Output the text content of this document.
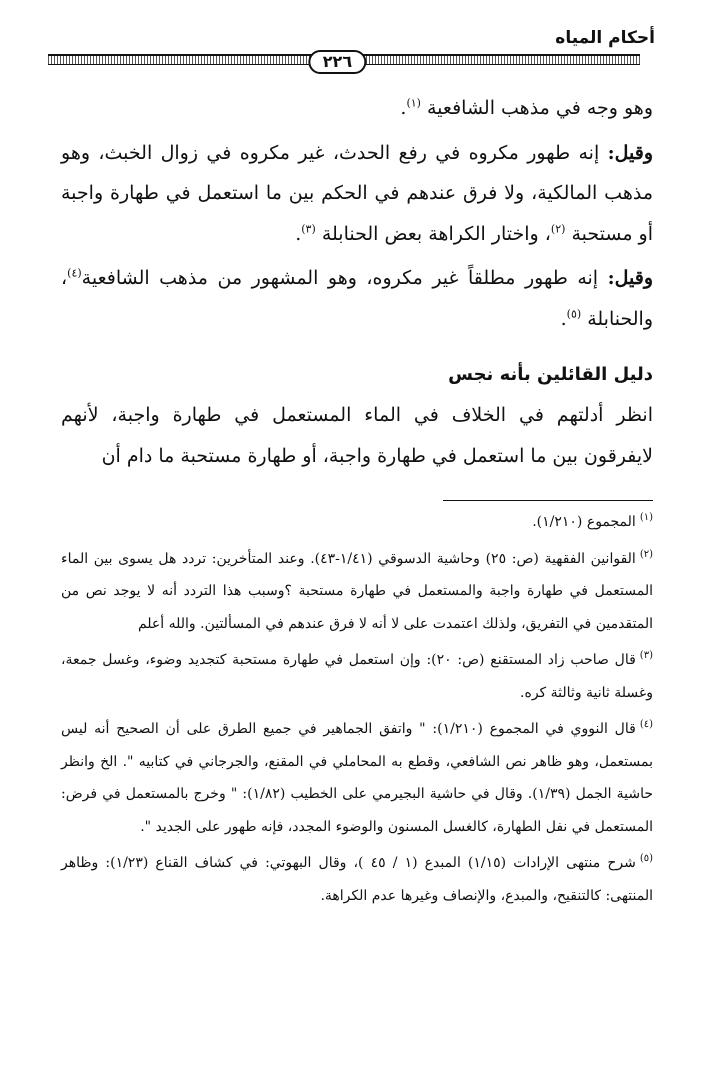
أحكام المياه
٢٢٦

وهو وجه في مذهب الشافعية $^{(١)}$.

وقيل: إنه طهور مكروه في رفع الحدث، غير مكروه في زوال الخبث، وهو مذهب المالكية، ولا فرق عندهم في الحكم بين ما استعمل في طهارة واجبة أو مستحبة $^{(٢)}$، واختار الكراهة بعض الحنابلة $^{(٣)}$.

وقيل: إنه طهور مطلقاً غير مكروه، وهو المشهور من مذهب الشافعية$^{(٤)}$، والحنابلة $^{(٥)}$.

دليل القائلين بأنه نجس

انظر أدلتهم في الخلاف في الماء المستعمل في طهارة واجبة، لأنهم لايفرقون بين ما استعمل في طهارة واجبة، أو طهارة مستحبة ما دام أن

$^{(١)}$المجموع (١/٢١٠).

$^{(٢)}$القوانين الفقهية (ص: ٢٥) وحاشية الدسوقي (١/٤١-٤٣). وعند المتأخرين: تردد هل يسوى بين الماء المستعمل في طهارة واجبة والمستعمل في طهارة مستحبة ؟وسبب هذا التردد أنه لا يوجد نص من المتقدمين في التفريق، ولذلك اعتمدت على لا أنه لا فرق عندهم في المسألتين. والله أعلم

$^{(٣)}$قال صاحب زاد المستقنع (ص: ٢٠): وإن استعمل في طهارة مستحبة كتجديد وضوء، وغسل جمعة، وغسلة ثانية وثالثة كره.

$^{(٤)}$قال النووي في المجموع (١/٢١٠): " واتفق الجماهير في جميع الطرق على أن الصحيح أنه ليس بمستعمل، وهو ظاهر نص الشافعي، وقطع به المحاملي في المقنع، والجرجاني في كتابيه ". الخ وانظر حاشية الجمل (١/٣٩). وقال في حاشية البجيرمي على الخطيب (١/٨٢): " وخرج بالمستعمل في فرض: المستعمل في نفل الطهارة، كالغسل المسنون والوضوء المجدد، فإنه طهور على الجديد ".

$^{(٥)}$شرح منتهى الإرادات (١/١٥) المبدع (١ / ٤٥ )، وقال البهوتي: في كشاف القناع (١/٢٣): وظاهر المنتهى: كالتنقيح، والمبدع، والإنصاف وغيرها عدم الكراهة.
